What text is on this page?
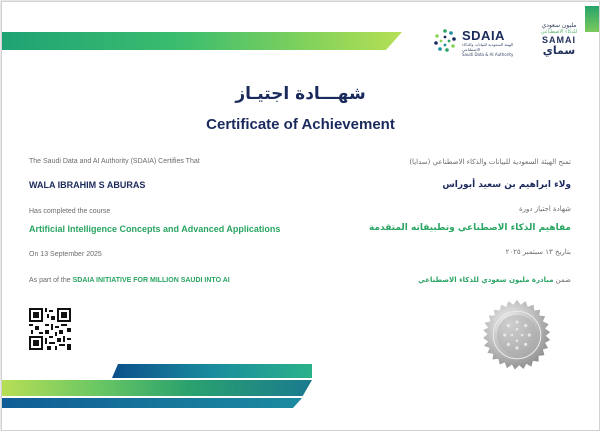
SDAIA
الهيئة السعودية للبيانات والذكاء الاصطناعي
Saudi Data & AI Authority
مليون سعودي
للذكاء الاصطناعي
SAMAI
سماي
شهـــادة اجتيـاز
Certificate of Achievement
The Saudi Data and AI Authority (SDAIA) Certifies That
WALA IBRAHIM S ABURAS
Has completed the course
Artificial Intelligence Concepts and Advanced Applications
On 13 September 2025
As part of the SDAIA INITIATIVE FOR MILLION SAUDI INTO AI
تمنح الهيئة السعودية للبيانات والذكاء الاصطناعي (سدايا)
ولاء ابراهيم بن سعيد أبوراس
شهادة اجتياز دورة
مفاهيم الذكاء الاصطناعي وتطبيقاته المتقدمة
بتاريخ ١٣ سبتمبر ٢٠٢٥
ضمن مبادرة مليون سعودي للذكاء الاصطناعي
